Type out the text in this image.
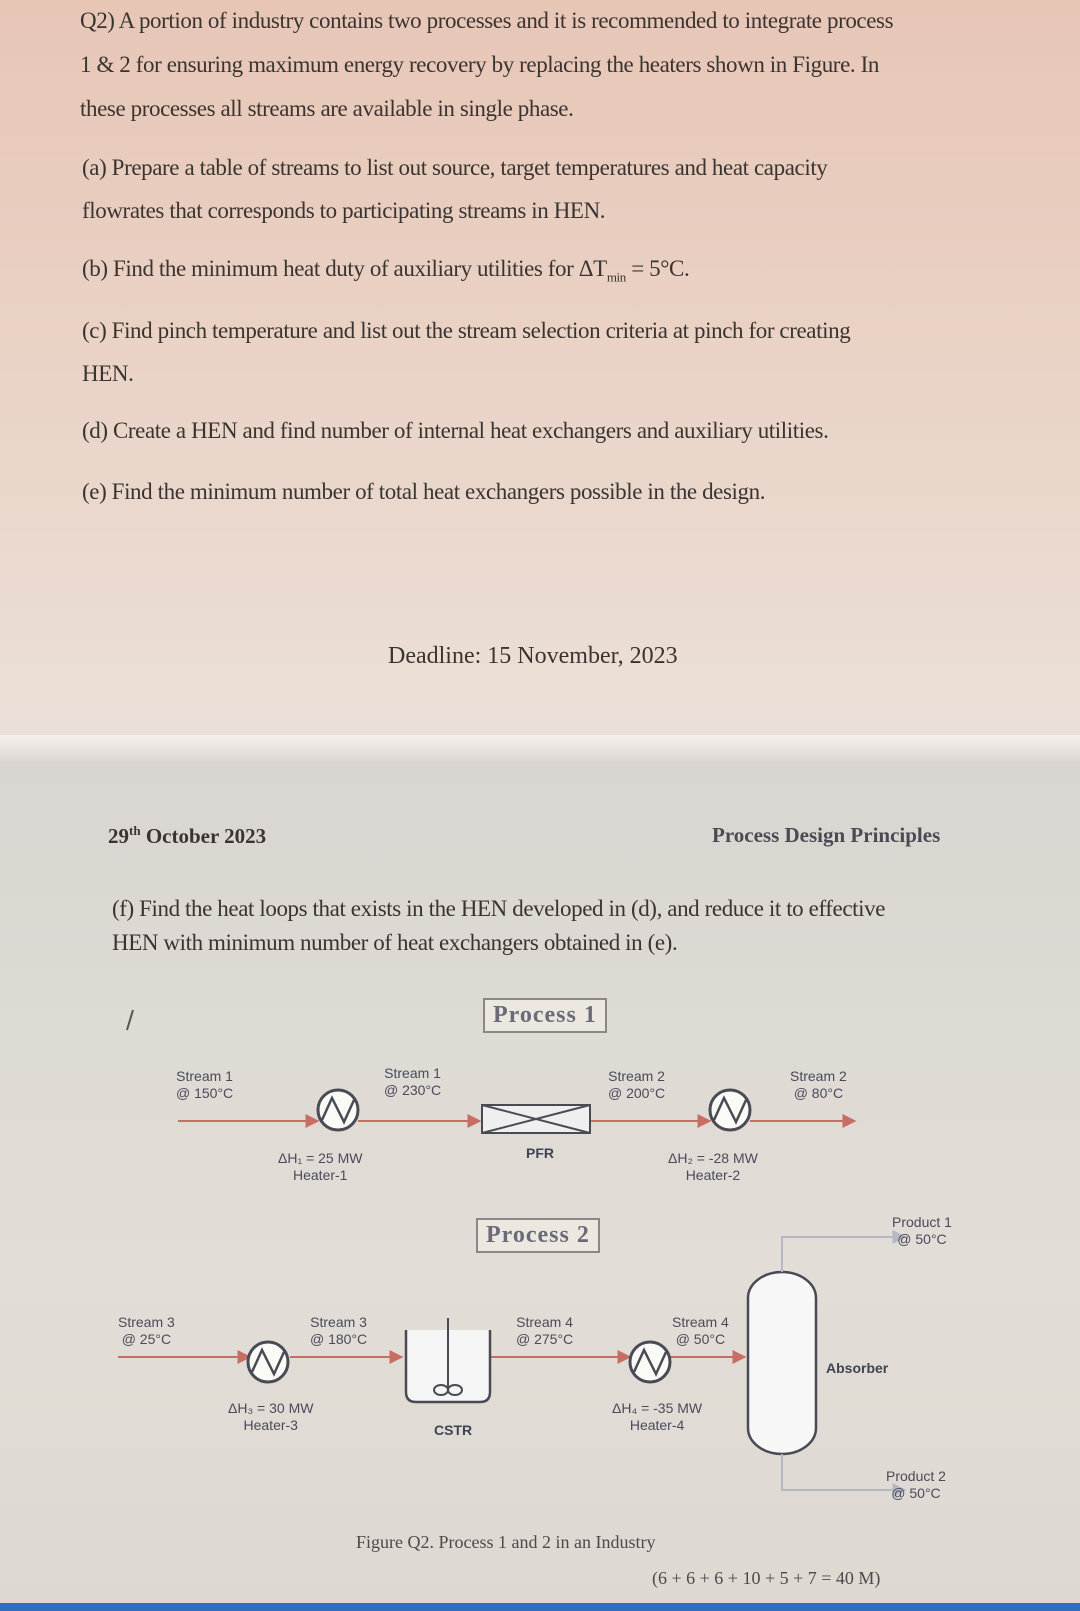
Q2) A portion of industry contains two processes and it is recommended to integrate process
1 & 2 for ensuring maximum energy recovery by replacing the heaters shown in Figure. In
these processes all streams are available in single phase.
(a) Prepare a table of streams to list out source, target temperatures and heat capacity
flowrates that corresponds to participating streams in HEN.
(b) Find the minimum heat duty of auxiliary utilities for $\Delta T_{min} = 5^\circ C$.
(c) Find pinch temperature and list out the stream selection criteria at pinch for creating
HEN.
(d) Create a HEN and find number of internal heat exchangers and auxiliary utilities.
(e) Find the minimum number of total heat exchangers possible in the design.
Deadline: 15 November, 2023
29th October 2023	Process Design Principles
(f) Find the heat loops that exists in the HEN developed in (d), and reduce it to effective
HEN with minimum number of heat exchangers obtained in (e).
Process 1
Process 2
Stream 1
@ 150°C
Stream 1
@ 230°C
Stream 2
@ 200°C
Stream 2
@ 80°C
ΔH₁ = 25 MW
Heater-1
PFR	ΔH₂ = -28 MW
Heater-2
Stream 3
@ 25°C
Stream 3
@ 180°C
ΔH₃ = 30 MW
Heater-3	CSTR
Stream 4
@ 275°C
Stream 4
@ 50°C
ΔH₄ = -35 MW
Heater-4
Absorber
Product 1
@ 50°C
Product 2
@ 50°C
Figure Q2. Process 1 and 2 in an Industry
(6 + 6 + 6 + 10 + 5 + 7 = 40 M)
